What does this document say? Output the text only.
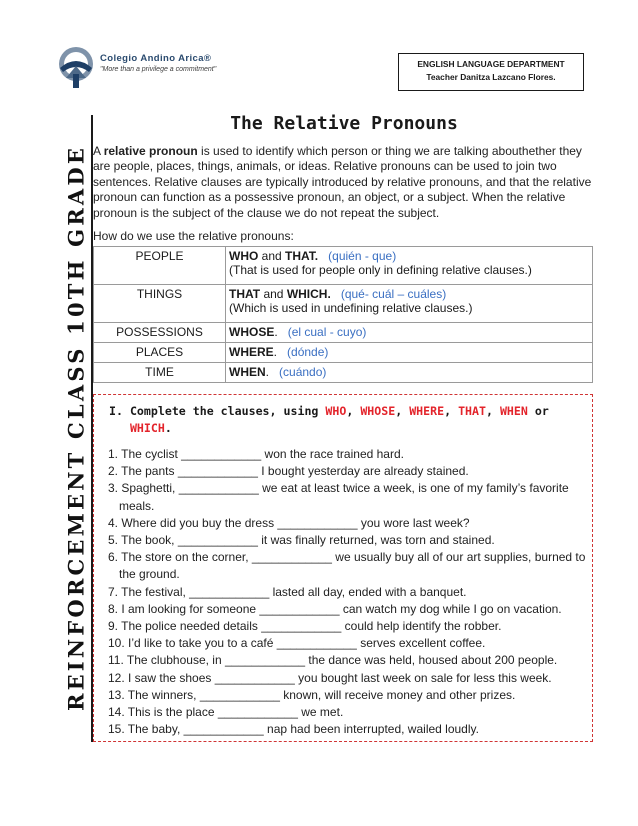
Colegio Andino Arica®
"More than a privilege a commitment"
ENGLISH LANGUAGE DEPARTMENT
Teacher Danitza Lazcano Flores.
REINFORCEMENT CLASS 10TH GRADE
The Relative Pronouns

A relative pronoun is used to identify which person or thing we are talking abouthether they are people, places, things, animals, or ideas. Relative pronouns can be used to join two sentences. Relative clauses are typically introduced by relative pronouns, and that the relative pronoun can function as a possessive pronoun, an object, or a subject. When the relative pronoun is the subject of the clause we do not repeat the subject.

How do we use the relative pronouns:
PEOPLE	WHO and THAT. (quién - que)
(That is used for people only in defining relative clauses.)
THINGS	THAT and WHICH. (qué- cuál – cuáles)
(Which is used in undefining relative clauses.)
POSSESSIONS	WHOSE. (el cual - cuyo)
PLACES	WHERE. (dónde)
TIME	WHEN. (cuándo)
I. Complete the clauses, using WHO, WHOSE, WHERE, THAT, WHEN or
WHICH.
1. The cyclist ____________ won the race trained hard.
2. The pants ____________ I bought yesterday are already stained.
3. Spaghetti, ____________ we eat at least twice a week, is one of my family’s favorite meals.
4. Where did you buy the dress ____________ you wore last week?
5. The book, ____________ it was finally returned, was torn and stained.
6. The store on the corner, ____________ we usually buy all of our art supplies, burned to the ground.
7. The festival, ____________ lasted all day, ended with a banquet.
8. I am looking for someone ____________ can watch my dog while I go on vacation.
9. The police needed details ____________ could help identify the robber.
10. I’d like to take you to a café ____________ serves excellent coffee.
11. The clubhouse, in ____________ the dance was held, housed about 200 people.
12. I saw the shoes ____________ you bought last week on sale for less this week.
13. The winners, ____________ known, will receive money and other prizes.
14. This is the place ____________ we met.
15. The baby, ____________ nap had been interrupted, wailed loudly.
